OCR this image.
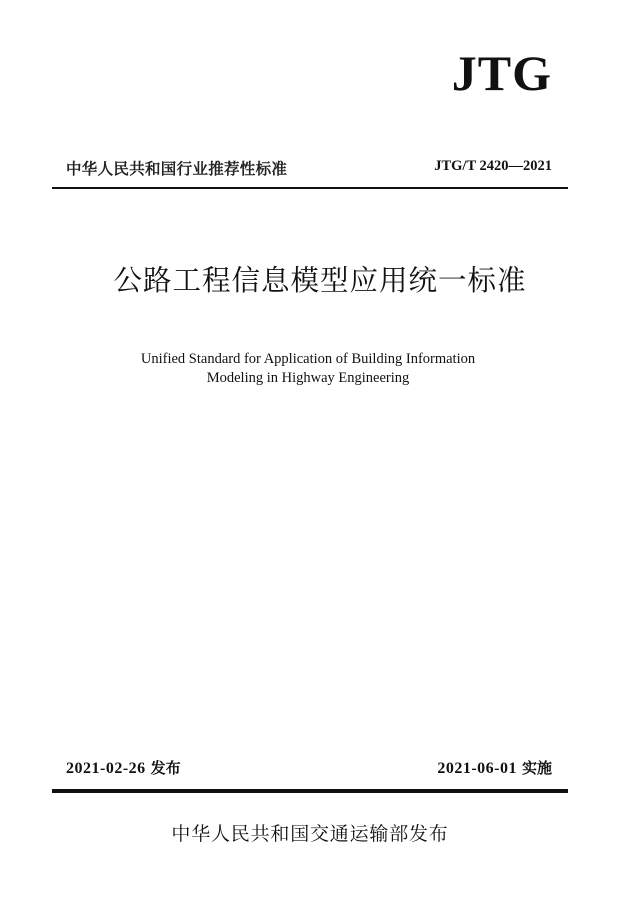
JTG
中华人民共和国行业推荐性标准	JTG/T 2420—2021
公路工程信息模型应用统一标准
Unified Standard for Application of Building Information
Modeling in Highway Engineering
2021-02-26 发布	2021-06-01 实施
中华人民共和国交通运输部发布
